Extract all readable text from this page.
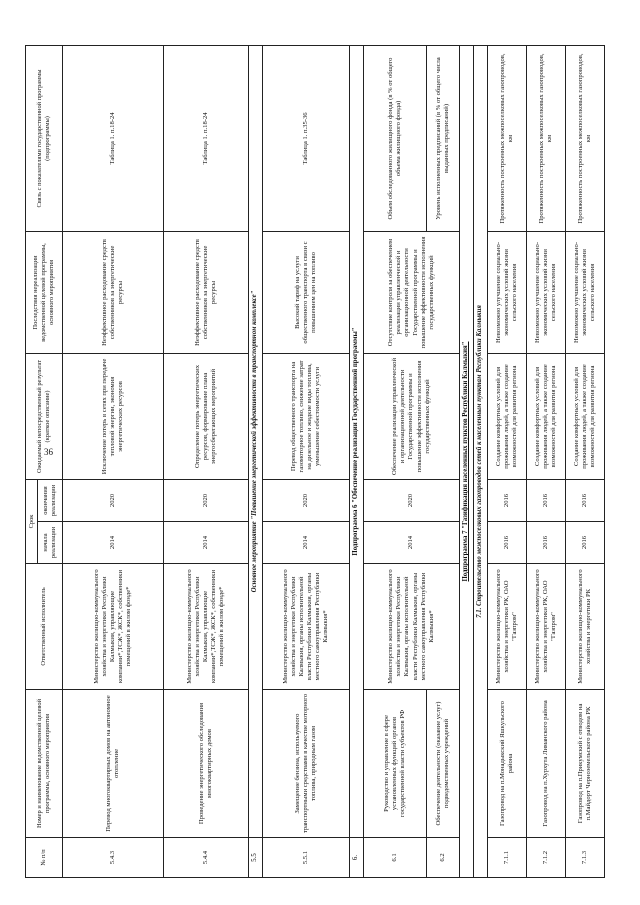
36
№ п/п	Номер и наименование ведомственной целевой программы, основного мероприятия	Ответственный исполнитель	Срок		Ожидаемый непосредственный результат (краткое описание)	Последствия нереализации ведомственной целевой программы, основного мероприятия	Связь с показателями государственной программы (подпрограммы)
			начала реализации	окончания реализации			
5.4.3	Перевод многоквартирных домов на автономное отопление	Министерство жилищно-коммунального хозяйства и энергетики Республики Калмыкия, управляющие компании*,ТСЖ*, ЖСК*, собственники помещений в жилом фонде*	2014	2020	Исключение потерь в сетях при передаче тепловой энергии, экономия энергетических ресурсов	Неэффективное расходование средств собственников за энергетические ресурсы	Таблица 1. п.18-24
5.4.4	Проведение энергетического обследования многоквартирных домов	Министерство жилищно-коммунального хозяйства и энергетики Республики Калмыкия, управляющие компании*,ТСЖ*, ЖСК*, собственники помещений в жилом фонде*	2014	2020	Определение потерь энергетических ресурсов, формирование плана энергосберегающих мероприятий	Неэффективное расходование средств собственников за энергетические ресурсы	Таблица 1. п.18-24
5.5	Основное мероприятие "Повышение энергетической эффективности в транспортном комплексе"						
5.5.1	Замещение бензина, используемого транспортными средствами в качестве моторного топлива, природным газом	Министерство жилищно-коммунального хозяйства и энергетики Республики Калмыкия, органы исполнительной власти Республики Калмыкия, органы местного самоуправления Республики Калмыкия*	2014	2020	Перевод общественного транспорта на газомоторное топливо, снижение затрат на дизельное и жидкие виды топлива, уменьшение себестоимости услуги	Высокий тариф на услуги общественного транспорта в связи с повышением цен на топливо	Таблица 1. п.35-36
6.	Подпрограмма 6 "Обеспечение реализации Государственной программы"						
6.1	Руководство и управление в сфере установленных функций органов государственной власти субъектов РФ	Министерство жилищно-коммунального хозяйства и энергетики Республики Калмыкия, органы исполнительной власти Республики Калмыкия, органы местного самоуправления Республики Калмыкия*	2014	2020	Обеспечение реализации управленческой и организационной деятельности Государственной программы и повышение эффективности исполнения государственных функций	Отсутствие контроля за обеспечением реализации управленческой и организационной деятельности Государственной программы и повышение эффективности исполнения государственных функций	Объем обследованного жилищного фонда (в % от общего объема жилищного фонда)
6.2	Обеспечение деятельности (оказание услуг) подведомственных учреждений						Уровень исполненных предписаний (в % от общего числа выданных предписаний)
Подпрограмма 7 "Газификация населенных пунктов Республики Калмыкия"							
7.1. Строительство межпоселковых газопроводов сетей к населенным пунктам Республики Калмыкия							
7.1.1	Газопровод на п.Монадыкский Яшкульского района	Министерство жилищно-коммунального хозяйства и энергетики РК, ОАО "Газпром"	2016	2016	Создание комфортных условий для проживания людей, а также создание возможностей для развития региона	Невозможно улучшение социально-экономических условий жизни сельского населения	Протяженность построенных межпоселковых газопроводов, км
7.1.2	Газопровод на п.Хурхута Лиманского района	Министерство жилищно-коммунального хозяйства и энергетики РК, ОАО "Газпром"	2016	2016	Создание комфортных условий для проживания людей, а также создание возможностей для развития региона	Невозможно улучшение социально-экономических условий жизни сельского населения	Протяженность построенных межпоселковых газопроводов, км
7.1.3	Газопровод на п.Прикумский с отводом на п.Майдорт Черноземельского района РК	Министерство жилищно-коммунального хозяйства и энергетики РК	2016	2016	Создание комфортных условий для проживания людей, а также создание возможностей для развития региона	Невозможно улучшение социально-экономических условий жизни сельского населения	Протяженность построенных межпоселковых газопроводов, км
